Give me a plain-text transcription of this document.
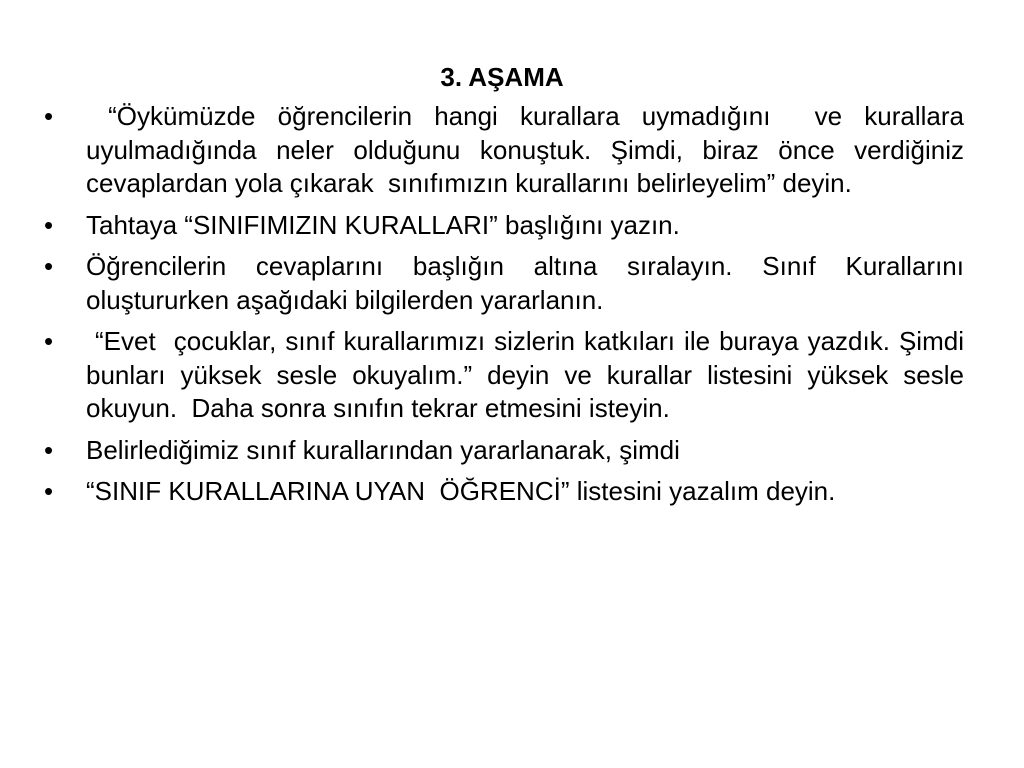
3. AŞAMA
•	“Öykümüzde öğrencilerin hangi kurallara uymadığını  ve kurallara uyulmadığında neler olduğunu konuştuk. Şimdi, biraz önce verdiğiniz cevaplardan yola çıkarak  sınıfımızın kurallarını belirleyelim” deyin.
•	Tahtaya “SINIFIMIZIN KURALLARI” başlığını yazın.
•	Öğrencilerin cevaplarını başlığın altına sıralayın. Sınıf Kurallarını oluştururken aşağıdaki bilgilerden yararlanın.
•	“Evet  çocuklar, sınıf kurallarımızı sizlerin katkıları ile buraya yazdık. Şimdi bunları yüksek sesle okuyalım.” deyin ve kurallar listesini yüksek sesle okuyun.  Daha sonra sınıfın tekrar etmesini isteyin.
•	Belirlediğimiz sınıf kurallarından yararlanarak, şimdi
•	“SINIF KURALLARINA UYAN  ÖĞRENCİ” listesini yazalım deyin.
